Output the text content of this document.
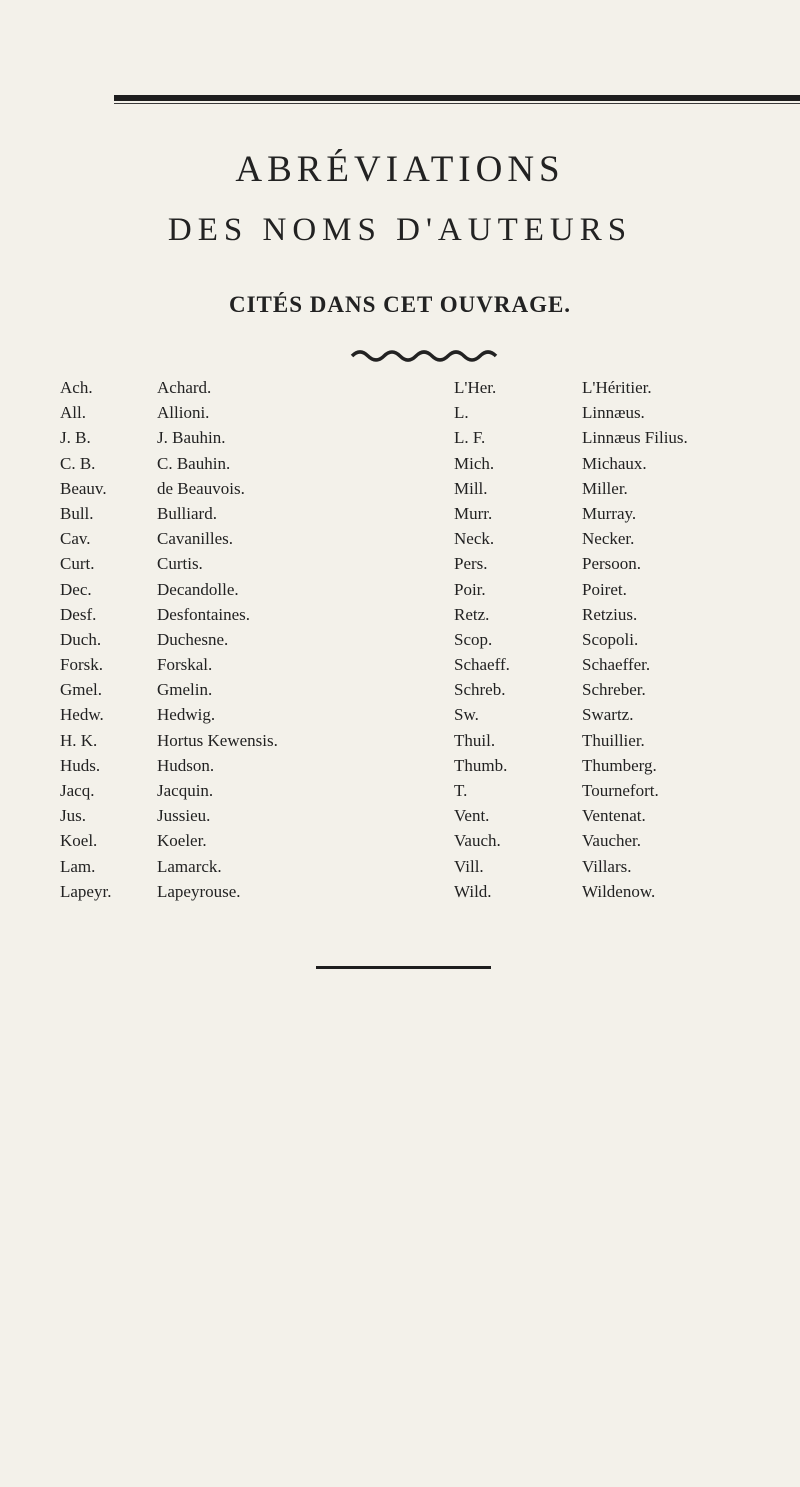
ABRÉVIATIONS
DES NOMS D'AUTEURS
CITÉS DANS CET OUVRAGE.
Ach.	Achard.	L'Her.	L'Héritier.
All.	Allioni.	L.	Linnæus.
J. B.	J. Bauhin.	L. F.	Linnæus Filius.
C. B.	C. Bauhin.	Mich.	Michaux.
Beauv.	de Beauvois.	Mill.	Miller.
Bull.	Bulliard.	Murr.	Murray.
Cav.	Cavanilles.	Neck.	Necker.
Curt.	Curtis.	Pers.	Persoon.
Dec.	Decandolle.	Poir.	Poiret.
Desf.	Desfontaines.	Retz.	Retzius.
Duch.	Duchesne.	Scop.	Scopoli.
Forsk.	Forskal.	Schaeff.	Schaeffer.
Gmel.	Gmelin.	Schreb.	Schreber.
Hedw.	Hedwig.	Sw.	Swartz.
H. K.	Hortus Kewensis.	Thuil.	Thuillier.
Huds.	Hudson.	Thumb.	Thumberg.
Jacq.	Jacquin.	T.	Tournefort.
Jus.	Jussieu.	Vent.	Ventenat.
Koel.	Koeler.	Vauch.	Vaucher.
Lam.	Lamarck.	Vill.	Villars.
Lapeyr.	Lapeyrouse.	Wild.	Wildenow.
